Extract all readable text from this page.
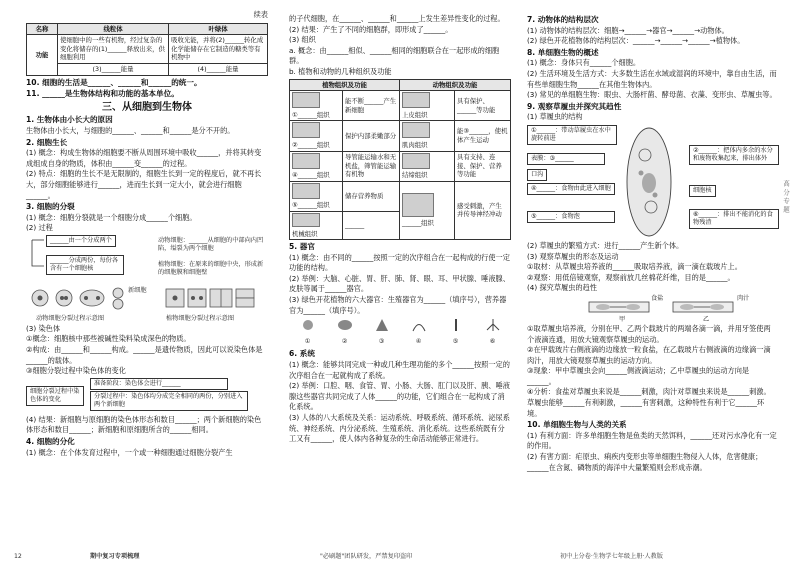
续表
名称	线粒体	叶绿体
功能	使细胞中的一些有机物，经过复杂的变化将储存的(1)______释放出来，供细胞利用	吸收光能，并将(2)______转化成化学能储存在它制造的糖类等有机物中
	(3)______能量	(4)______能量

10. 细胞的生活是______、______和______的统一。

11. ______是生物体结构和功能的基本单位。

三、从细胞到生物体

1. 生物体由小长大的原因

生物体由小长大，与细胞的______、______和______是分不开的。

2. 细胞生长

(1) 概念：构成生物体的细胞要不断从周围环境中吸收______，并将其转变成组成自身的物质，体积由______变______的过程。

(2) 特点：细胞的生长不是无限制的，细胞生长到一定的程度后，就不再长大，部分细胞能够进行______，进而生长到一定大小，就会进行细胞______。

3. 细胞的分裂

(1) 概念：细胞分裂就是一个细胞分成______个细胞。

(2) 过程

______由一个分成两个
______分成两份，每份各含有一个细胞核
动物细胞：______从细胞的中部向内凹陷，缢裂为两个细胞
植物细胞：在原来的细胞中央，形成新的细胞膜和细胞壁
新细胞
动物细胞分裂过程示意图	植物细胞分裂过程示意图

(3) 染色体

①概念：细胞核中那些被碱性染料染成深色的物质。

②构成：由______和______构成。______是遗传物质，因此可以说染色体是______的载体。

③细胞分裂过程中染色体的变化

细胞分裂过程中染色体的变化
准备阶段：染色体会进行______
分裂过程中：染色体均分成完全相同的两份，分别进入两个新细胞

(4) 结果：新细胞与原细胞的染色体形态和数目______；两个新细胞的染色体形态和数目______；新细胞和原细胞所含的______相同。

4. 细胞的分化

(1) 概念：在个体发育过程中，一个或一种细胞通过细胞分裂产生

的子代细胞，在______、______和______上发生差异性变化的过程。

(2) 结果：产生了不同的细胞群，即形成了______。

(3) 组织

a. 概念：由______相似、______相同的细胞联合在一起形成的细胞群。

b. 植物和动物的几种组织及功能

植物组织及功能		动物组织及功能	

①______组织	能不断______产生新细胞	上皮组织	具有保护、______等功能

②______组织	保护内部柔嫩部分	肌肉组织	能③______，使机体产生运动

④______组织	导管能运输水和无机盐，筛管能运输有机物	结缔组织	具有支持、连接、保护、营养等功能

⑤______组织	储存营养物质	______组织	感受刺激，产生并传导神经冲动

机械组织	______		

5. 器官

(1) 概念：由不同的______按照一定的次序组合在一起构成的行使一定功能的结构。

(2) 举例：大脑、心脏、胃、肝、肺、肾、眼、耳、甲状腺、唾液腺、皮肤等属于______器官。

(3) 绿色开花植物的六大器官：生殖器官为______（填序号），营养器官为______（填序号）。

①	②	③	④	⑤	⑥

6. 系统

(1) 概念：能够共同完成一种或几种生理功能的多个______按照一定的次序组合在一起就构成了系统。

(2) 举例：口腔、咽、食管、胃、小肠、大肠、肛门以及肝、胰、唾液腺这些器官共同完成了人体______的功能，它们组合在一起构成了消化系统。

(3) 人体的八大系统及关系：运动系统、呼吸系统、循环系统、泌尿系统、神经系统、内分泌系统、生殖系统、消化系统。这些系统既有分工又有______，使人体内各种复杂的生命活动能够正常进行。

7. 动物体的结构层次

(1) 动物体的结构层次：细胞→______→器官→______→动物体。

(2) 绿色开花植物体的结构层次：______→______→______→植物体。

8. 单细胞生物的概述

(1) 概念：身体只有______个细胞。

(2) 生活环境及生活方式：大多数生活在水域或湿润的环境中，靠自由生活，而有些单细胞生物______在其他生物体内。

(3) 常见的单细胞生物：眼虫、大肠杆菌、酵母菌、衣藻、变形虫、草履虫等。

9. 观察草履虫并探究其趋性

(1) 草履虫的结构

①______：带动草履虫在水中旋转前进
表膜：③______
口沟
④______：食物由此进入细胞
⑤______：食物泡
②______：把体内多余的水分和废物收集起来，排出体外
细胞核
⑥______：排出不能消化的食物残渣

(2) 草履虫的繁殖方式：进行______产生新个体。

(3) 观察草履虫的形态及运动

①取材：从草履虫培养液的______吸取培养液，滴一滴在载玻片上。

②观察：用低倍镜观察，观察前放几丝棉花纤维，目的是______。

(4) 探究草履虫的趋性

甲	乙
食盐	肉汁

①取草履虫培养液，分别在甲、乙两个载玻片的两端各滴一滴，并用牙签使两个液滴连通，用放大镜观察草履虫的运动。

②在甲载玻片右侧液滴的边缘放一粒食盐，在乙载玻片右侧液滴的边缘滴一滴肉汁，用放大镜观察草履虫的运动方向。

③现象：甲中草履虫会向______侧液滴运动；乙中草履虫的运动方向是______。

④分析：食盐对草履虫来说是______刺激，肉汁对草履虫来说是______刺激。草履虫能够______有利刺激，______有害刺激，这种特性有利于它______环境。

10. 单细胞生物与人类的关系

(1) 有利方面：许多单细胞生物是鱼类的天然饵料，______还对污水净化有一定的作用。

(2) 有害方面：疟原虫、痢疾内变形虫等单细胞生物侵入人体，危害健康；______在含氮、磷物质的海洋中大量繁殖则会形成赤潮。

高 分 专 题
12	期中复习专项梳理	"必刷题"团队研发，严禁复印盗印	初中上分卷·生物学七年级上册·人教版
